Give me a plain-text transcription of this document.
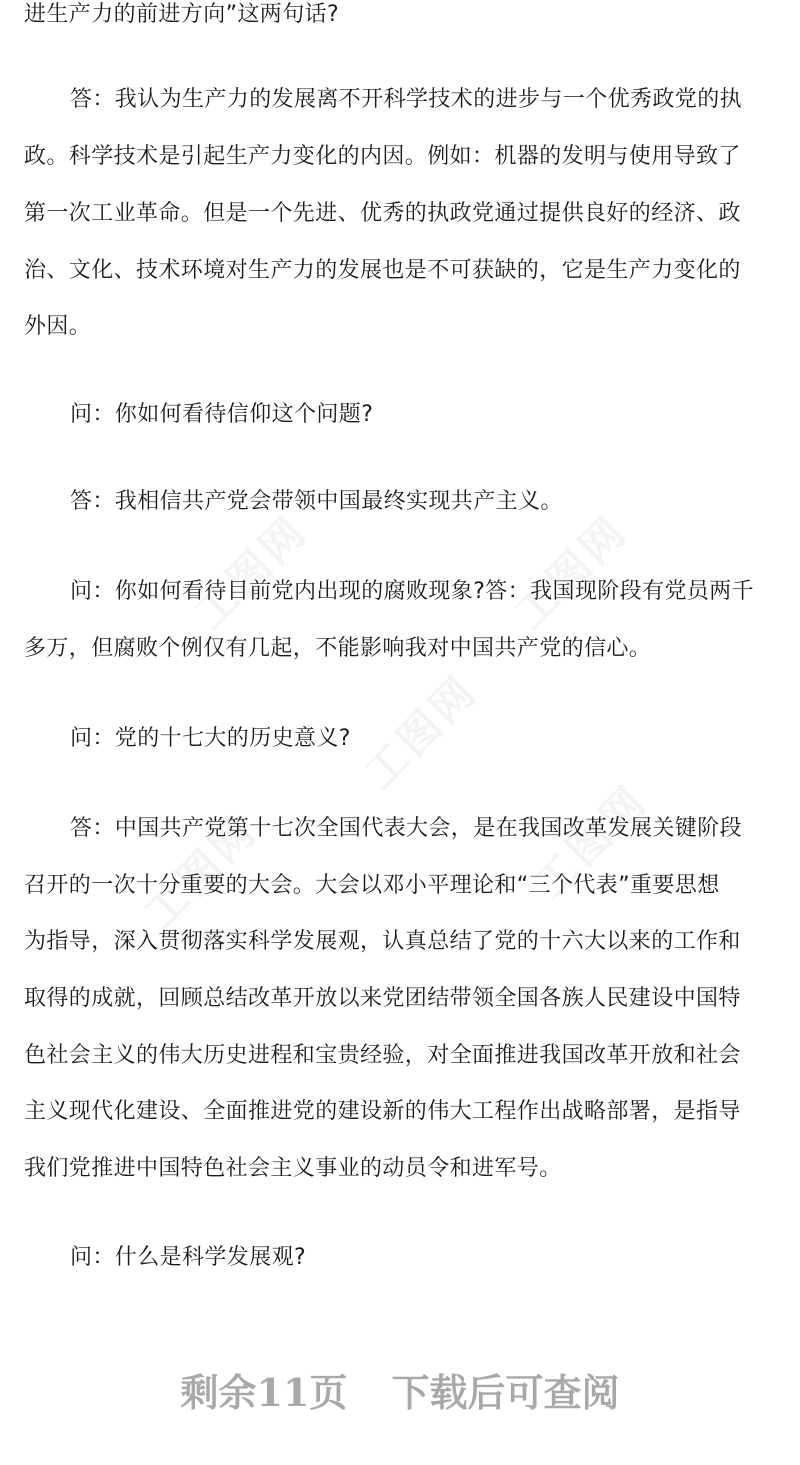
工图网	工图网
工图网
工图网	工图网
进生产力的前进方向”这两句话?
答：我认为生产力的发展离不开科学技术的进步与一个优秀政党的执
政。科学技术是引起生产力变化的内因。例如：机器的发明与使用导致了
第一次工业革命。但是一个先进、优秀的执政党通过提供良好的经济、政
治、文化、技术环境对生产力的发展也是不可获缺的，它是生产力变化的
外因。
问：你如何看待信仰这个问题?
答：我相信共产党会带领中国最终实现共产主义。
问：你如何看待目前党内出现的腐败现象?答：我国现阶段有党员两千
多万，但腐败个例仅有几起，不能影响我对中国共产党的信心。
问：党的十七大的历史意义?
答：中国共产党第十七次全国代表大会，是在我国改革发展关键阶段
召开的一次十分重要的大会。大会以邓小平理论和“三个代表”重要思想
为指导，深入贯彻落实科学发展观，认真总结了党的十六大以来的工作和
取得的成就，回顾总结改革开放以来党团结带领全国各族人民建设中国特
色社会主义的伟大历史进程和宝贵经验，对全面推进我国改革开放和社会
主义现代化建设、全面推进党的建设新的伟大工程作出战略部署，是指导
我们党推进中国特色社会主义事业的动员令和进军号。
问：什么是科学发展观?
剩余11页 下载后可查阅
